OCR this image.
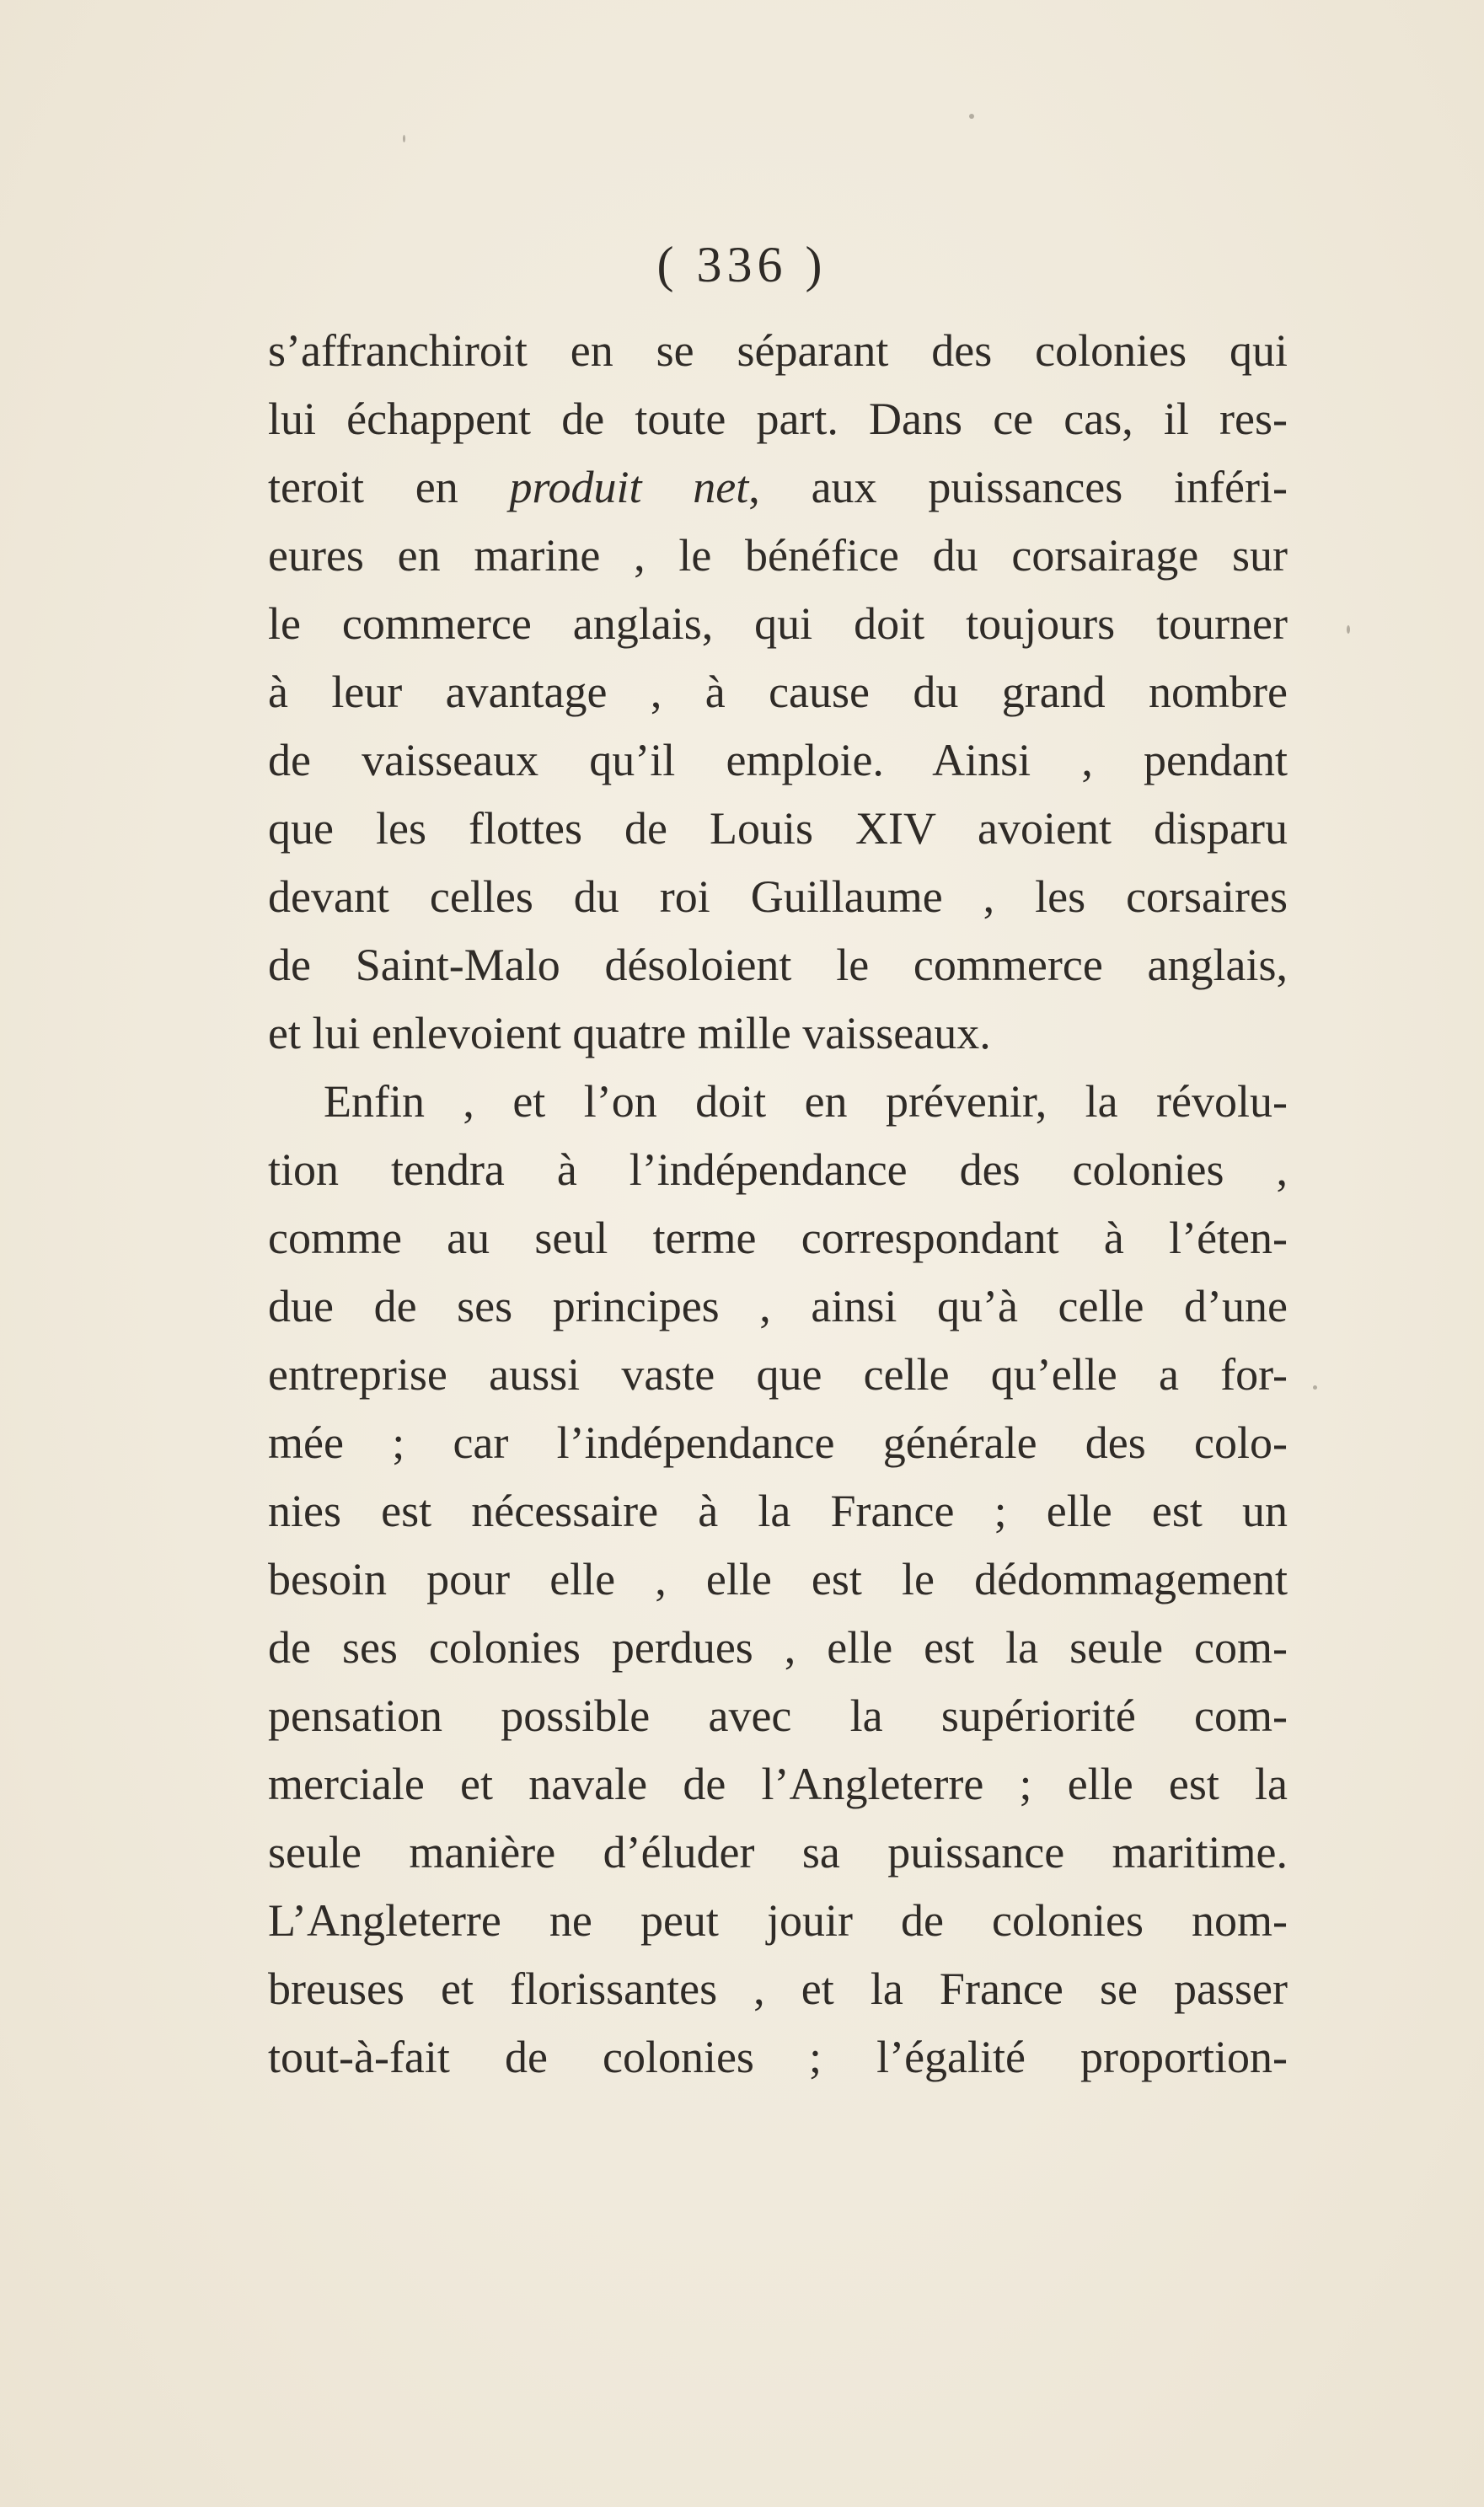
( 336 )
s’affranchiroit en se séparant des colonies qui
lui échappent de toute part. Dans ce cas, il res-
teroit en produit net, aux puissances inféri-
eures en marine , le bénéfice du corsairage sur
le commerce anglais, qui doit toujours tourner
à leur avantage , à cause du grand nombre
de vaisseaux qu’il emploie. Ainsi , pendant
que les flottes de Louis XIV avoient disparu
devant celles du roi Guillaume , les corsaires
de Saint-Malo désoloient le commerce anglais,
et lui enlevoient quatre mille vaisseaux.
Enfin , et l’on doit en prévenir, la révolu-
tion tendra à l’indépendance des colonies ,
comme au seul terme correspondant à l’éten-
due de ses principes , ainsi qu’à celle d’une
entreprise aussi vaste que celle qu’elle a for-
mée ; car l’indépendance générale des colo-
nies est nécessaire à la France ; elle est un
besoin pour elle , elle est le dédommagement
de ses colonies perdues , elle est la seule com-
pensation possible avec la supériorité com-
merciale et navale de l’Angleterre ; elle est la
seule manière d’éluder sa puissance maritime.
L’Angleterre ne peut jouir de colonies nom-
breuses et florissantes , et la France se passer
tout-à-fait de colonies ; l’égalité proportion-
